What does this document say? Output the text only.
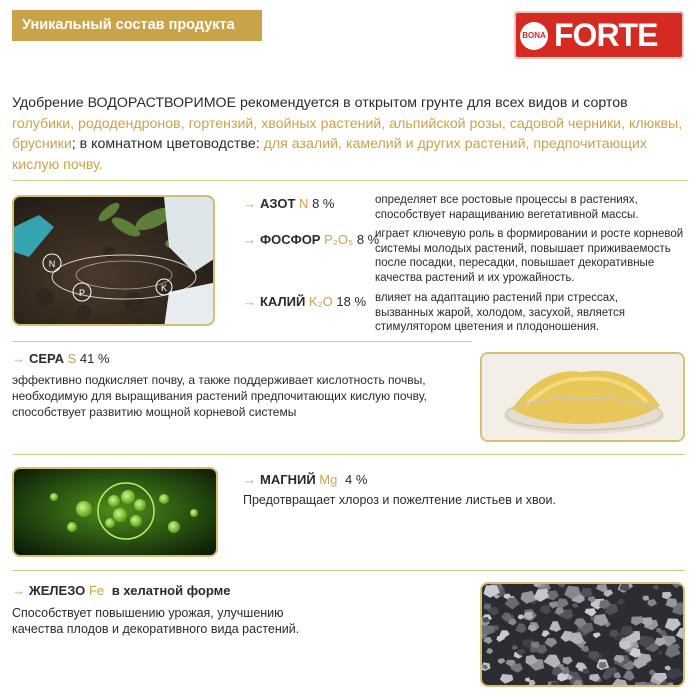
Уникальный состав продукта
BONA FORTE
Удобрение ВОДОРАСТВОРИМОЕ рекомендуется в открытом грунте для всех видов и сортов голубики, рододендронов, гортензий, хвойных растений, альпийской розы, садовой черники, клюквы, брусники; в комнатном цветоводстве: для азалий, камелий и других растений, предпочитающих кислую почву.
N
P	K
→ АЗОТ N 8 %	определяет все ростовые процессы в растениях, способствует наращиванию вегетативной массы.
→ ФОСФОР P₂O₅ 8 %
играет ключевую роль в формировании и росте корневой системы молодых растений, повышает приживаемость после посадки, пересадки, повышает декоративные качества растений и их урожайность.
→ КАЛИЙ K₂O 18 % влияет на адаптацию растений при стрессах, вызванных жарой, холодом, засухой, является стимулятором цветения и плодоношения.
→ СЕРА S 41 %
эффективно подкисляет почву, а также поддерживает кислотность почвы, необходимую для выращивания растений предпочитающих кислую почву, способствует развитию мощной корневой системы
→ МАГНИЙ Mg 4 %
Предотвращает хлороз и пожелтение листьев и хвои.
→ ЖЕЛЕЗО Fe в хелатной форме
Способствует повышению урожая, улучшению качества плодов и декоративного вида растений.
